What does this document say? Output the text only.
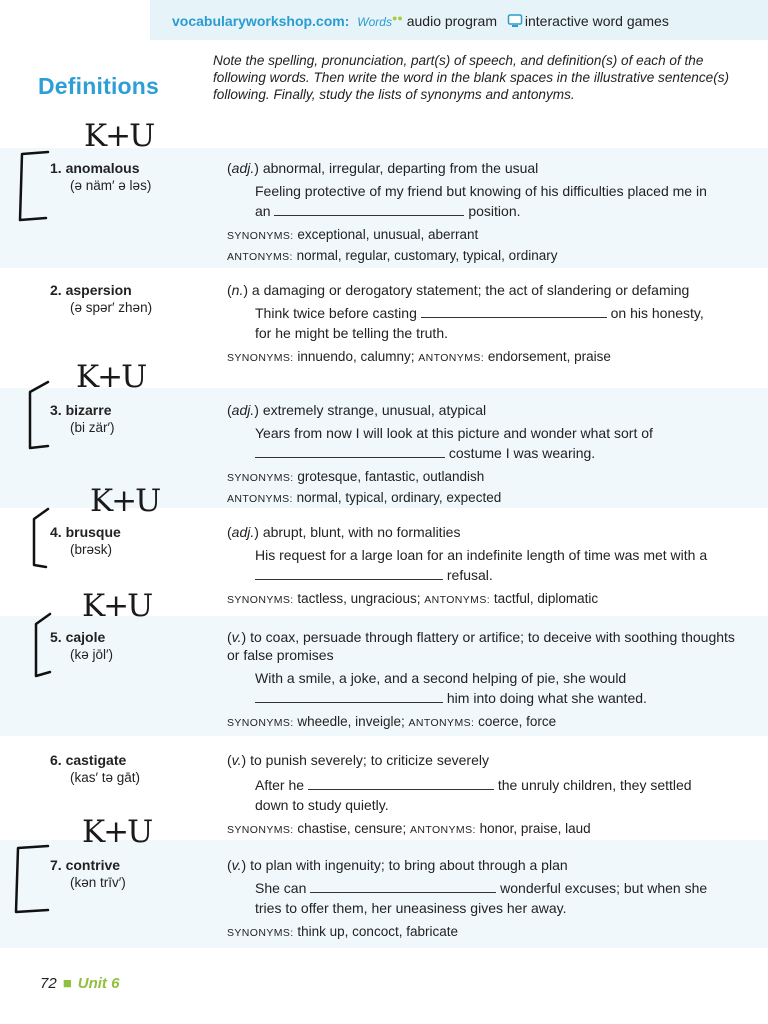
vocabularyworkshop.com: Words●● audio program interactive word games
Definitions
Note the spelling, pronunciation, part(s) of speech, and definition(s) of each of the following words. Then write the word in the blank spaces in the illustrative sentence(s) following. Finally, study the lists of synonyms and antonyms.
1. anomalous
(ə näm′ ə ləs)
(adj.) abnormal, irregular, departing from the usual
Feeling protective of my friend but knowing of his difficulties placed me in an	position.
SYNONYMS: exceptional, unusual, aberrant
ANTONYMS: normal, regular, customary, typical, ordinary
2. aspersion
(ə spər′ zhən)
(n.) a damaging or derogatory statement; the act of slandering or defaming
Think twice before casting	on his honesty, for he might be telling the truth.
SYNONYMS: innuendo, calumny; ANTONYMS: endorsement, praise
3. bizarre
(bi zär′)
(adj.) extremely strange, unusual, atypical
Years from now I will look at this picture and wonder what sort of  costume I was wearing.
SYNONYMS: grotesque, fantastic, outlandish
ANTONYMS: normal, typical, ordinary, expected
4. brusque
(brəsk)
(adj.) abrupt, blunt, with no formalities
His request for a large loan for an indefinite length of time was met with a  refusal.
SYNONYMS: tactless, ungracious; ANTONYMS: tactful, diplomatic
5. cajole
(kə jōl′)
(v.) to coax, persuade through flattery or artifice; to deceive with soothing thoughts or false promises
With a smile, a joke, and a second helping of pie, she would  him into doing what she wanted.
SYNONYMS: wheedle, inveigle; ANTONYMS: coerce, force
6. castigate
(kas′ tə gāt)
(v.) to punish severely; to criticize severely
After he	the unruly children, they settled down to study quietly.
SYNONYMS: chastise, censure; ANTONYMS: honor, praise, laud
7. contrive
(kən trīv′)
(v.) to plan with ingenuity; to bring about through a plan
She can	wonderful excuses; but when she tries to offer them, her uneasiness gives her away.
SYNONYMS: think up, concoct, fabricate
K+U
K+U
K+U
K+U
K+U
72 ■ Unit 6
